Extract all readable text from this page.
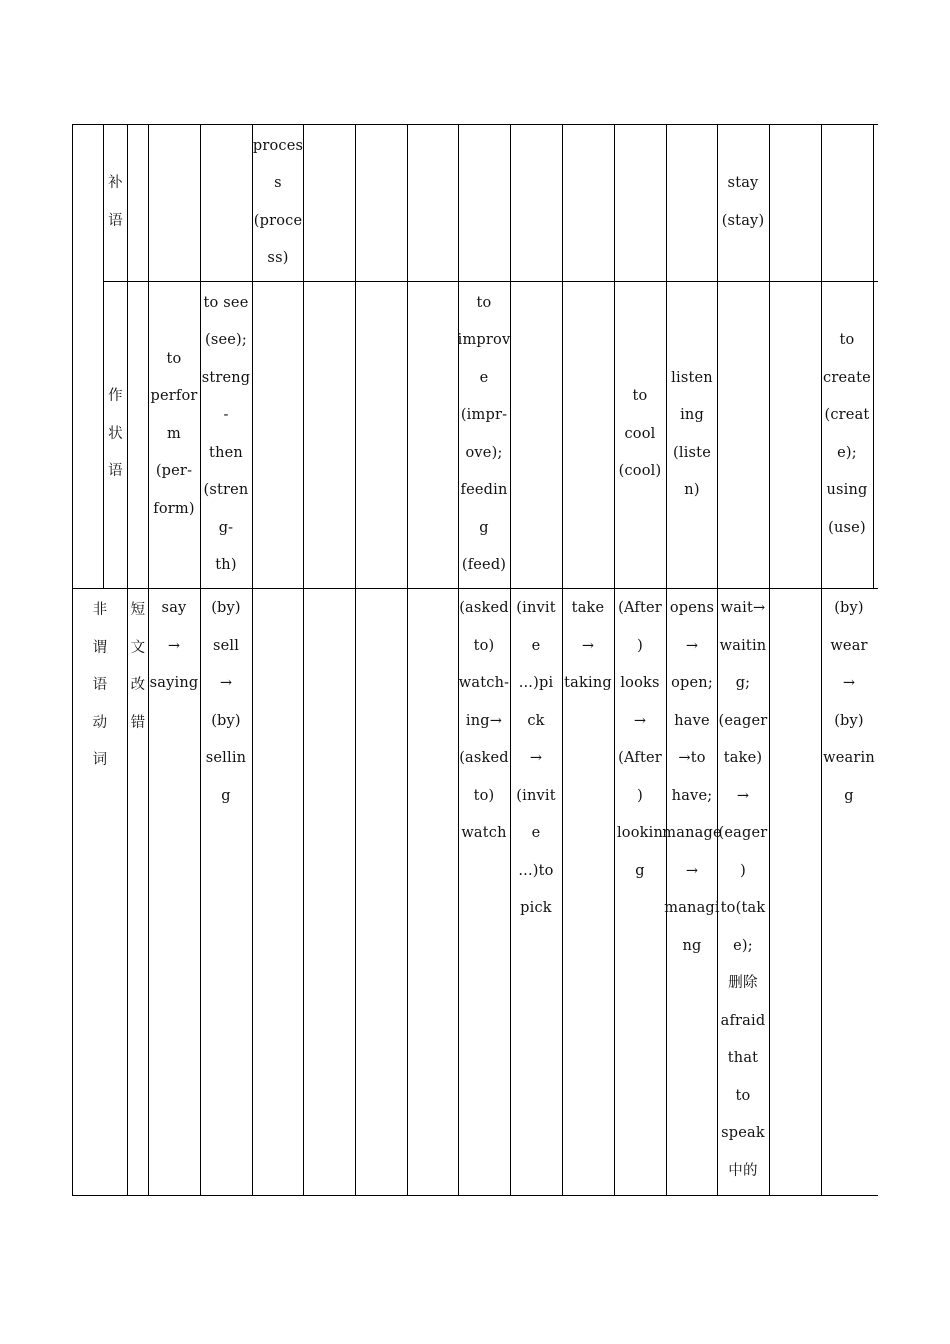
非
谓
语
动
词
补
语
作
状
语
短
文
改
错
proces
s
(proce
ss)
stay
(stay)
to
perfor
m
(per-
form)
to see
(see);
streng
-
then
(stren
g-
th)
to
improv
e
(impr-
ove);
feedin
g
(feed)
to
cool
(cool)
listen
ing
(liste
n)
to
create
(creat
e);
using
(use)
say
→
saying
(by)
sell
→
(by)
sellin
g
(asked
to)
watch-
ing→
(asked
to)
watch
(invit
e
...)pi
ck
→
(invit
e
...)to
pick
take
→
taking
(After
)
looks
→
(After
)
lookin
g
opens
→
open;
have
→to
have;
manage
→
managi
ng
wait→
waitin
g;
(eager
take)
→
(eager
)
to(tak
e);
删除
afraid
that
to
speak
中的
(by)
wear
→
(by)
wearin
g
